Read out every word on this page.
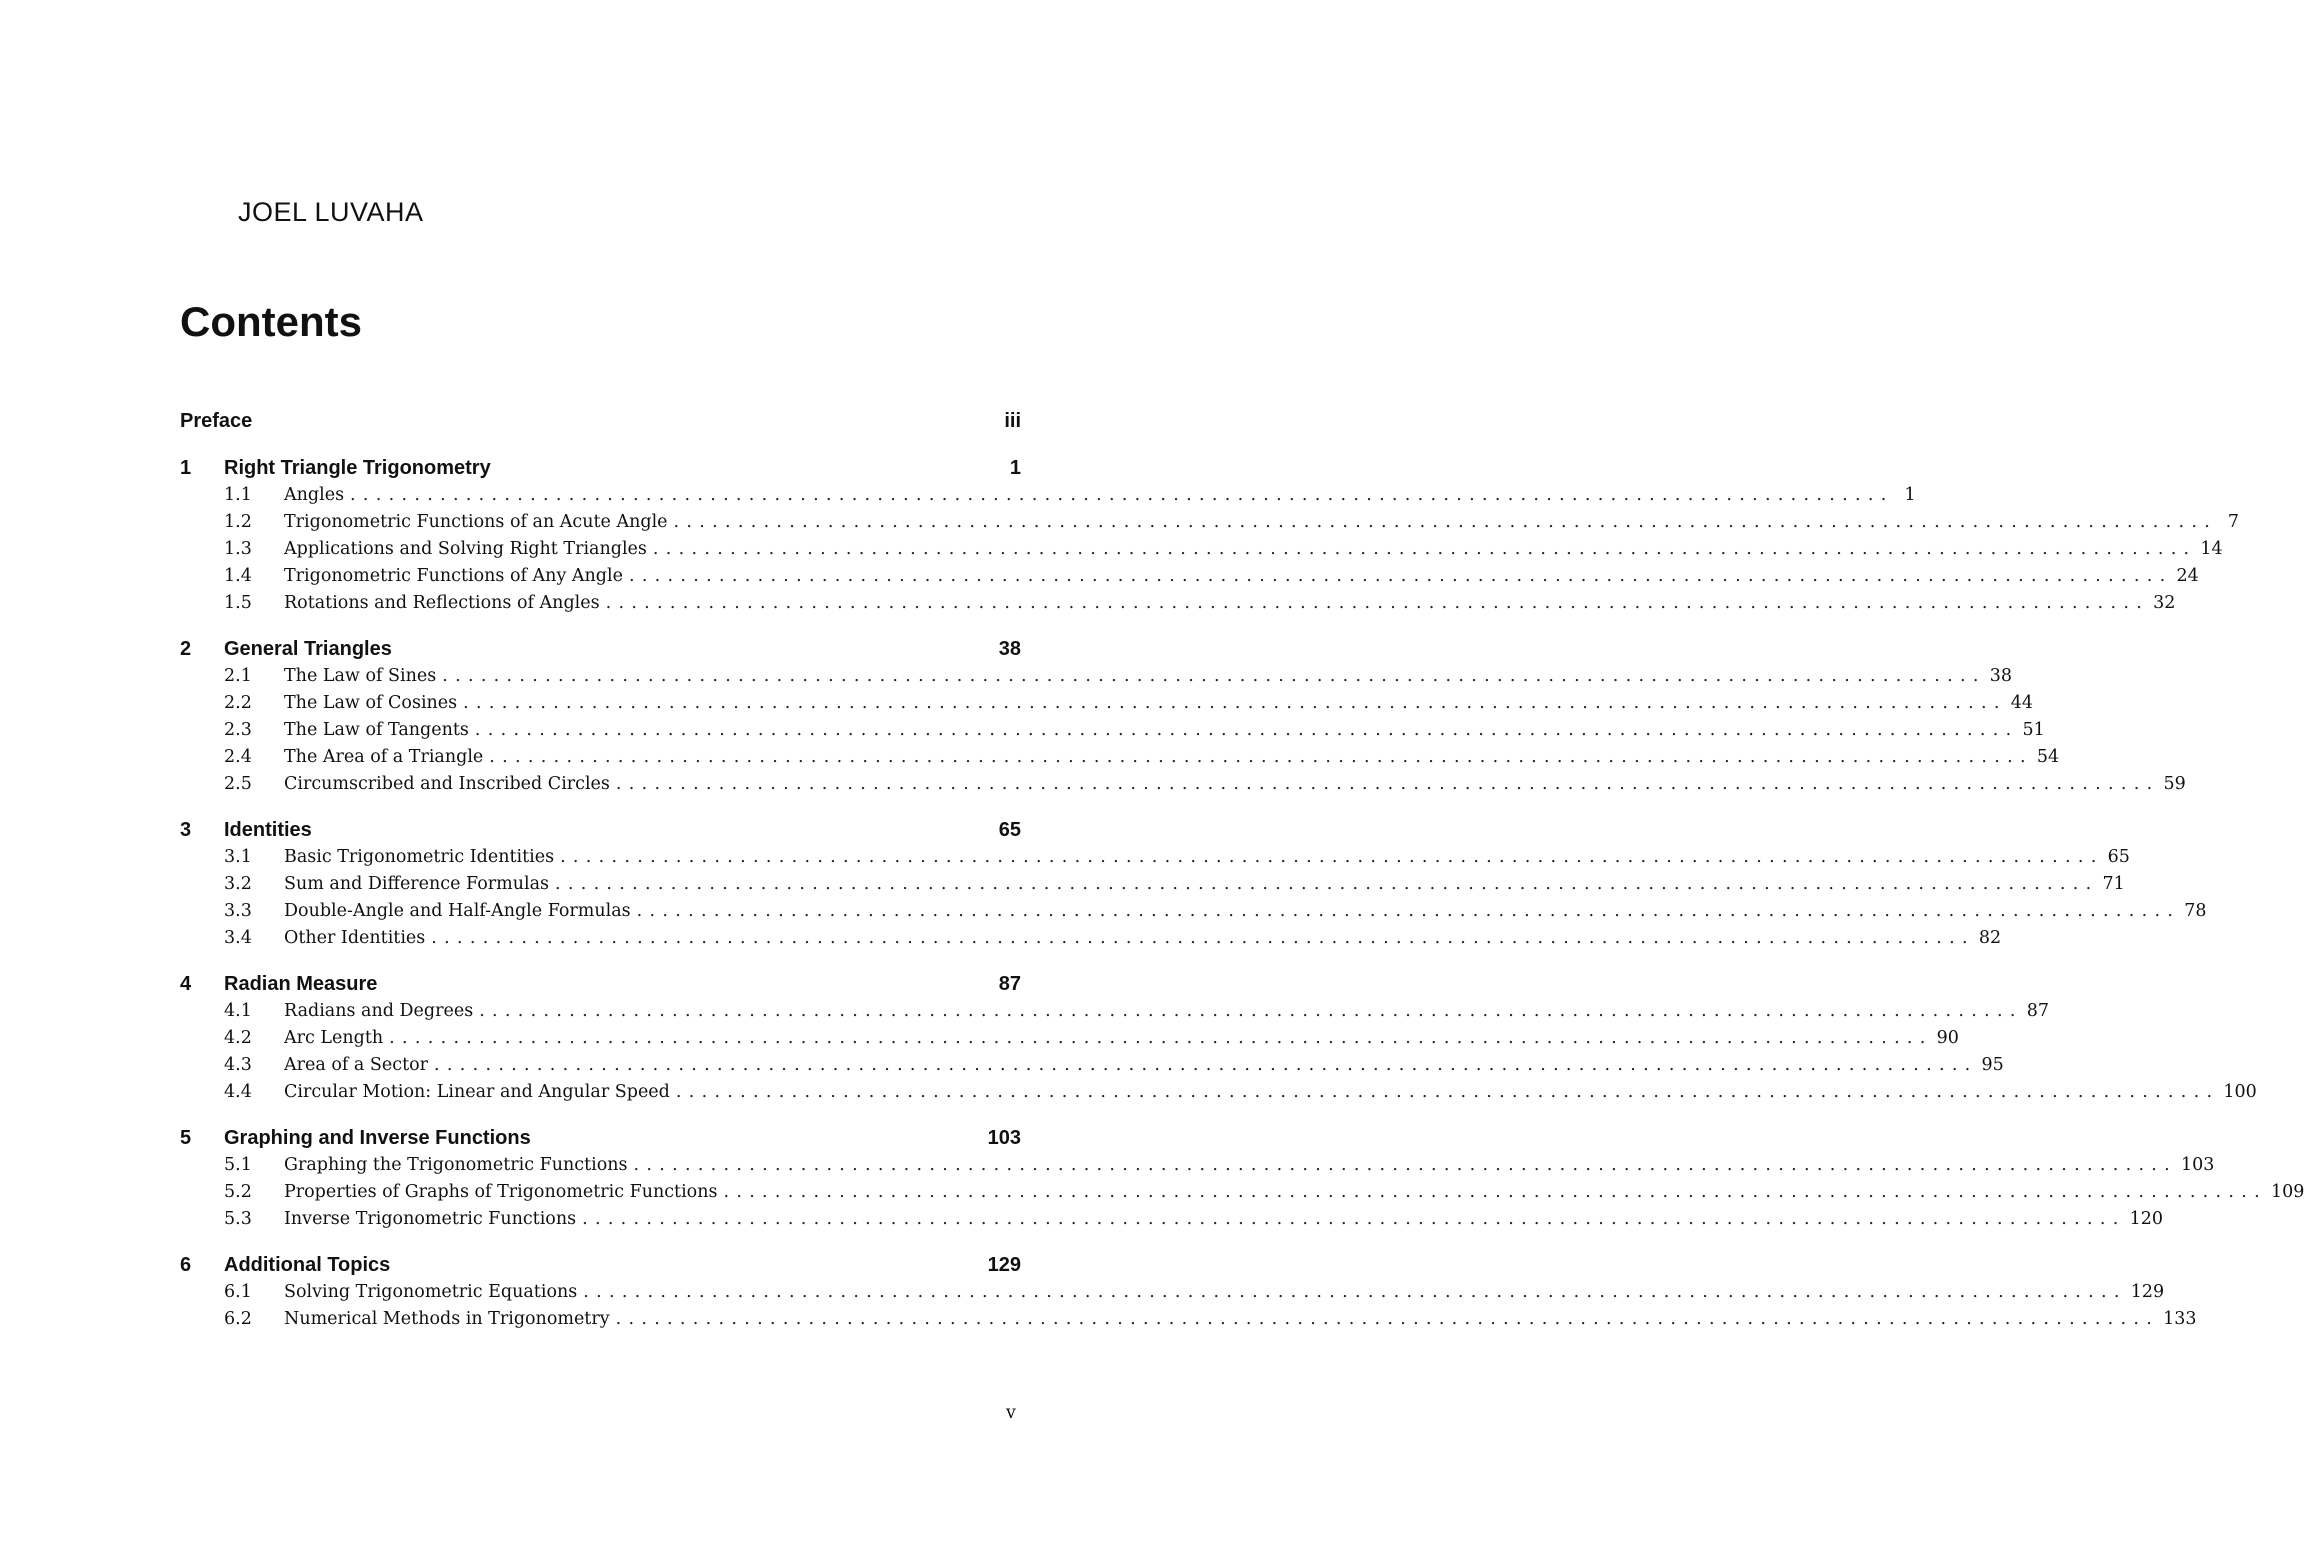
JOEL LUVAHA
Contents
Preface	iii
1	Right Triangle Trigonometry	1
1.1	Angles ........................................................................................................................ 1
1.2	Trigonometric Functions of an Acute Angle ........................................................................................................................ 7
1.3	Applications and Solving Right Triangles ........................................................................................................................ 14
1.4	Trigonometric Functions of Any Angle ........................................................................................................................ 24
1.5	Rotations and Reflections of Angles ........................................................................................................................ 32
2	General Triangles	38
2.1	The Law of Sines ........................................................................................................................ 38
2.2	The Law of Cosines ........................................................................................................................ 44
2.3	The Law of Tangents ........................................................................................................................ 51
2.4	The Area of a Triangle ........................................................................................................................ 54
2.5	Circumscribed and Inscribed Circles ........................................................................................................................ 59
3	Identities	65
3.1	Basic Trigonometric Identities ........................................................................................................................ 65
3.2	Sum and Difference Formulas ........................................................................................................................ 71
3.3	Double-Angle and Half-Angle Formulas ........................................................................................................................ 78
3.4	Other Identities ........................................................................................................................ 82
4	Radian Measure	87
4.1	Radians and Degrees ........................................................................................................................ 87
4.2	Arc Length ........................................................................................................................ 90
4.3	Area of a Sector ........................................................................................................................ 95
4.4	Circular Motion: Linear and Angular Speed ........................................................................................................................ 100
5	Graphing and Inverse Functions	103
5.1	Graphing the Trigonometric Functions ........................................................................................................................ 103
5.2	Properties of Graphs of Trigonometric Functions ........................................................................................................................ 109
5.3	Inverse Trigonometric Functions ........................................................................................................................ 120
6	Additional Topics	129
6.1	Solving Trigonometric Equations ........................................................................................................................ 129
6.2	Numerical Methods in Trigonometry ........................................................................................................................ 133
v
